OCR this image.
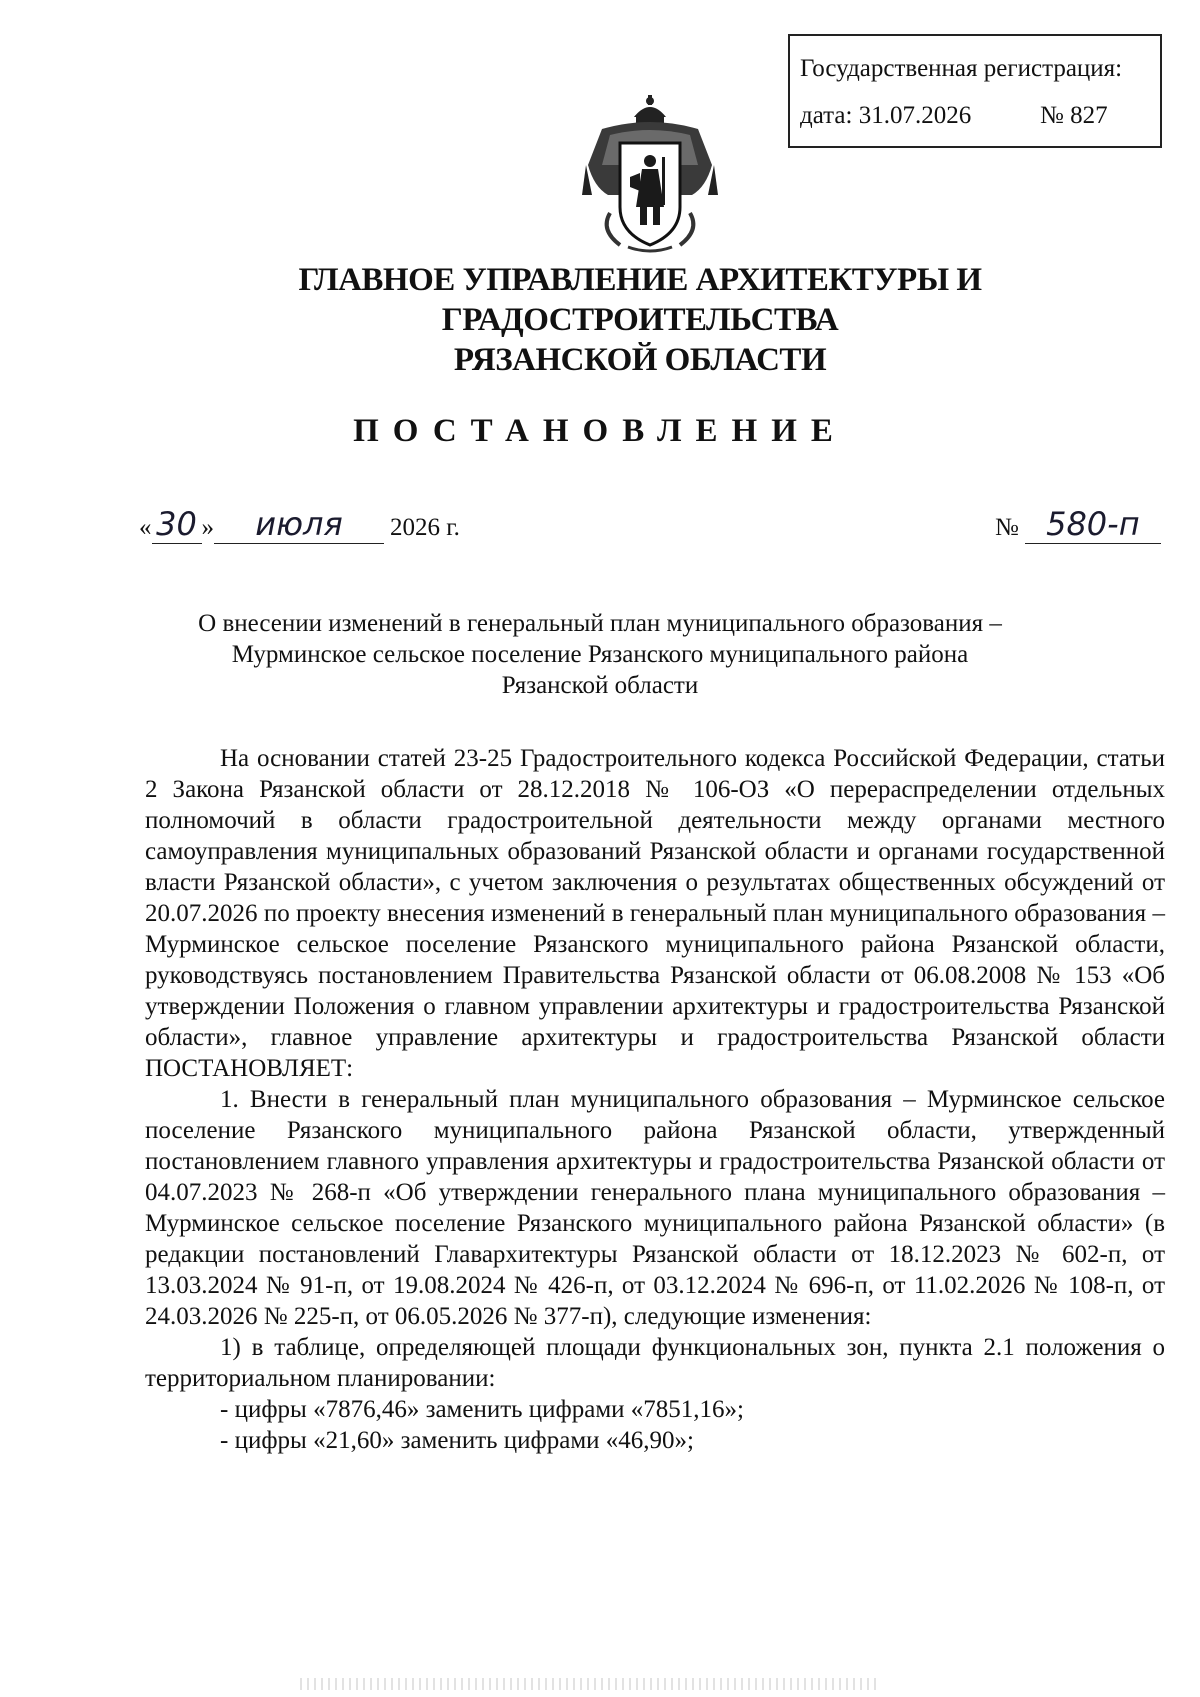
Государственная регистрация:
дата: 31.07.2026	№ 827
ГЛАВНОЕ УПРАВЛЕНИЕ АРХИТЕКТУРЫ И ГРАДОСТРОИТЕЛЬСТВА
РЯЗАНСКОЙ ОБЛАСТИ
ПОСТАНОВЛЕНИЕ
« 30 » июля 2026 г.	№ 580-п
О внесении изменений в генеральный план муниципального образования –
Мурминское сельское поселение Рязанского муниципального района
Рязанской области

На основании статей 23-25 Градостроительного кодекса Российской Федерации, статьи 2 Закона Рязанской области от 28.12.2018 № 106-ОЗ «О перераспределении отдельных полномочий в области градостроительной деятельности между органами местного самоуправления муниципальных образований Рязанской области и органами государственной власти Рязанской области», с учетом заключения о результатах общественных обсуждений от 20.07.2026 по проекту внесения изменений в генеральный план муниципального образования – Мурминское сельское поселение Рязанского муниципального района Рязанской области, руководствуясь постановлением Правительства Рязанской области от 06.08.2008 № 153 «Об утверждении Положения о главном управлении архитектуры и градостроительства Рязанской области», главное управление архитектуры и градостроительства Рязанской области ПОСТАНОВЛЯЕТ:

1. Внести в генеральный план муниципального образования – Мурминское сельское поселение Рязанского муниципального района Рязанской области, утвержденный постановлением главного управления архитектуры и градостроительства Рязанской области от 04.07.2023 № 268-п «Об утверждении генерального плана муниципального образования – Мурминское сельское поселение Рязанского муниципального района Рязанской области» (в редакции постановлений Главархитектуры Рязанской области от 18.12.2023 № 602-п, от 13.03.2024 № 91-п, от 19.08.2024 № 426-п, от 03.12.2024 № 696-п, от 11.02.2026 № 108-п, от 24.03.2026 № 225-п, от 06.05.2026 № 377-п), следующие изменения:

1) в таблице, определяющей площади функциональных зон, пункта 2.1 положения о территориальном планировании:

- цифры «7876,46» заменить цифрами «7851,16»;

- цифры «21,60» заменить цифрами «46,90»;
